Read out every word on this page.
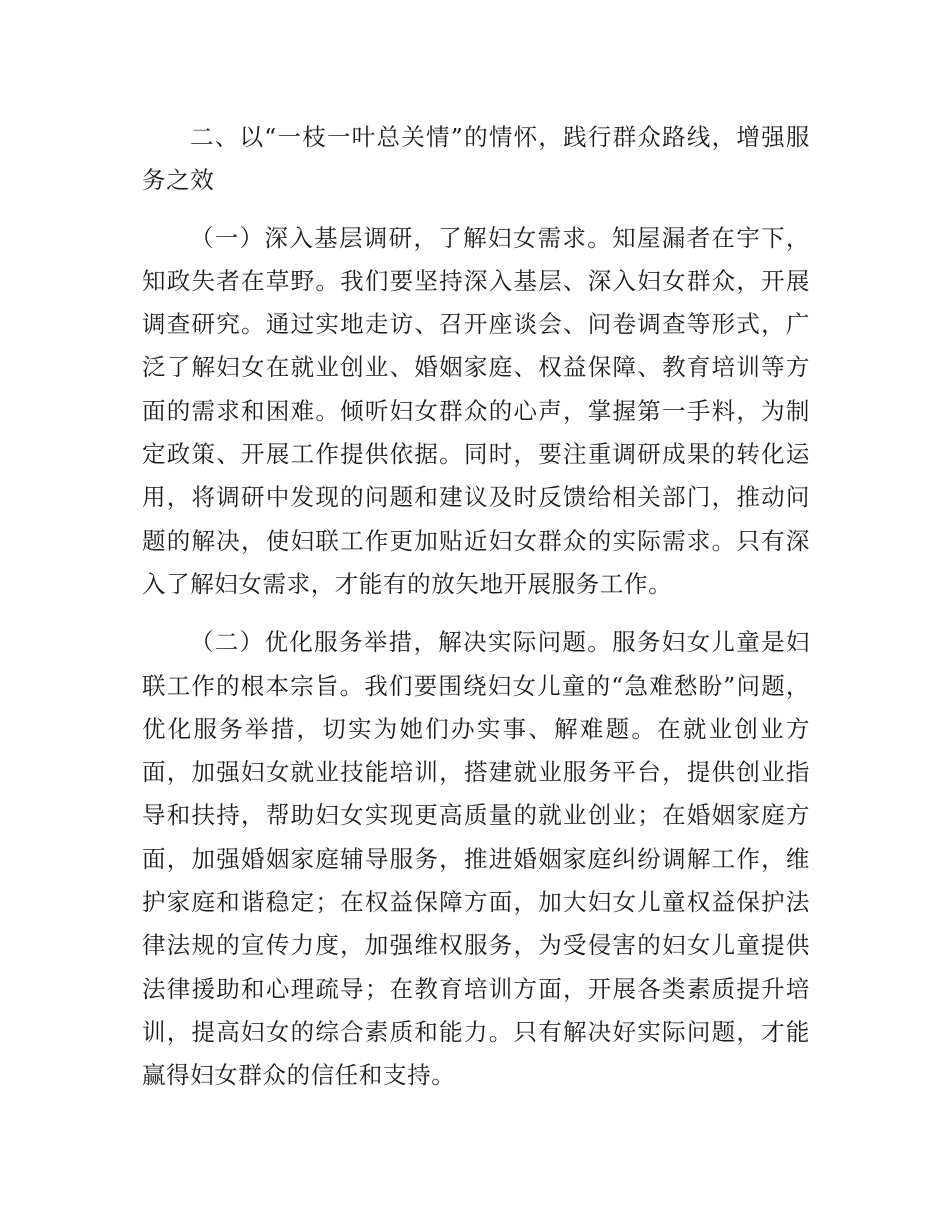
二、以“一枝一叶总关情”的情怀，践行群众路线，增强服务之效

（一）深入基层调研，了解妇女需求。知屋漏者在宇下，知政失者在草野。我们要坚持深入基层、深入妇女群众，开展调查研究。通过实地走访、召开座谈会、问卷调查等形式，广泛了解妇女在就业创业、婚姻家庭、权益保障、教育培训等方面的需求和困难。倾听妇女群众的心声，掌握第一手料，为制定政策、开展工作提供依据。同时，要注重调研成果的转化运用，将调研中发现的问题和建议及时反馈给相关部门，推动问题的解决，使妇联工作更加贴近妇女群众的实际需求。只有深入了解妇女需求，才能有的放矢地开展服务工作。

（二）优化服务举措，解决实际问题。服务妇女儿童是妇联工作的根本宗旨。我们要围绕妇女儿童的“急难愁盼”问题，优化服务举措，切实为她们办实事、解难题。在就业创业方面，加强妇女就业技能培训，搭建就业服务平台，提供创业指导和扶持，帮助妇女实现更高质量的就业创业；在婚姻家庭方面，加强婚姻家庭辅导服务，推进婚姻家庭纠纷调解工作，维护家庭和谐稳定；在权益保障方面，加大妇女儿童权益保护法律法规的宣传力度，加强维权服务，为受侵害的妇女儿童提供法律援助和心理疏导；在教育培训方面，开展各类素质提升培训，提高妇女的综合素质和能力。只有解决好实际问题，才能赢得妇女群众的信任和支持。
